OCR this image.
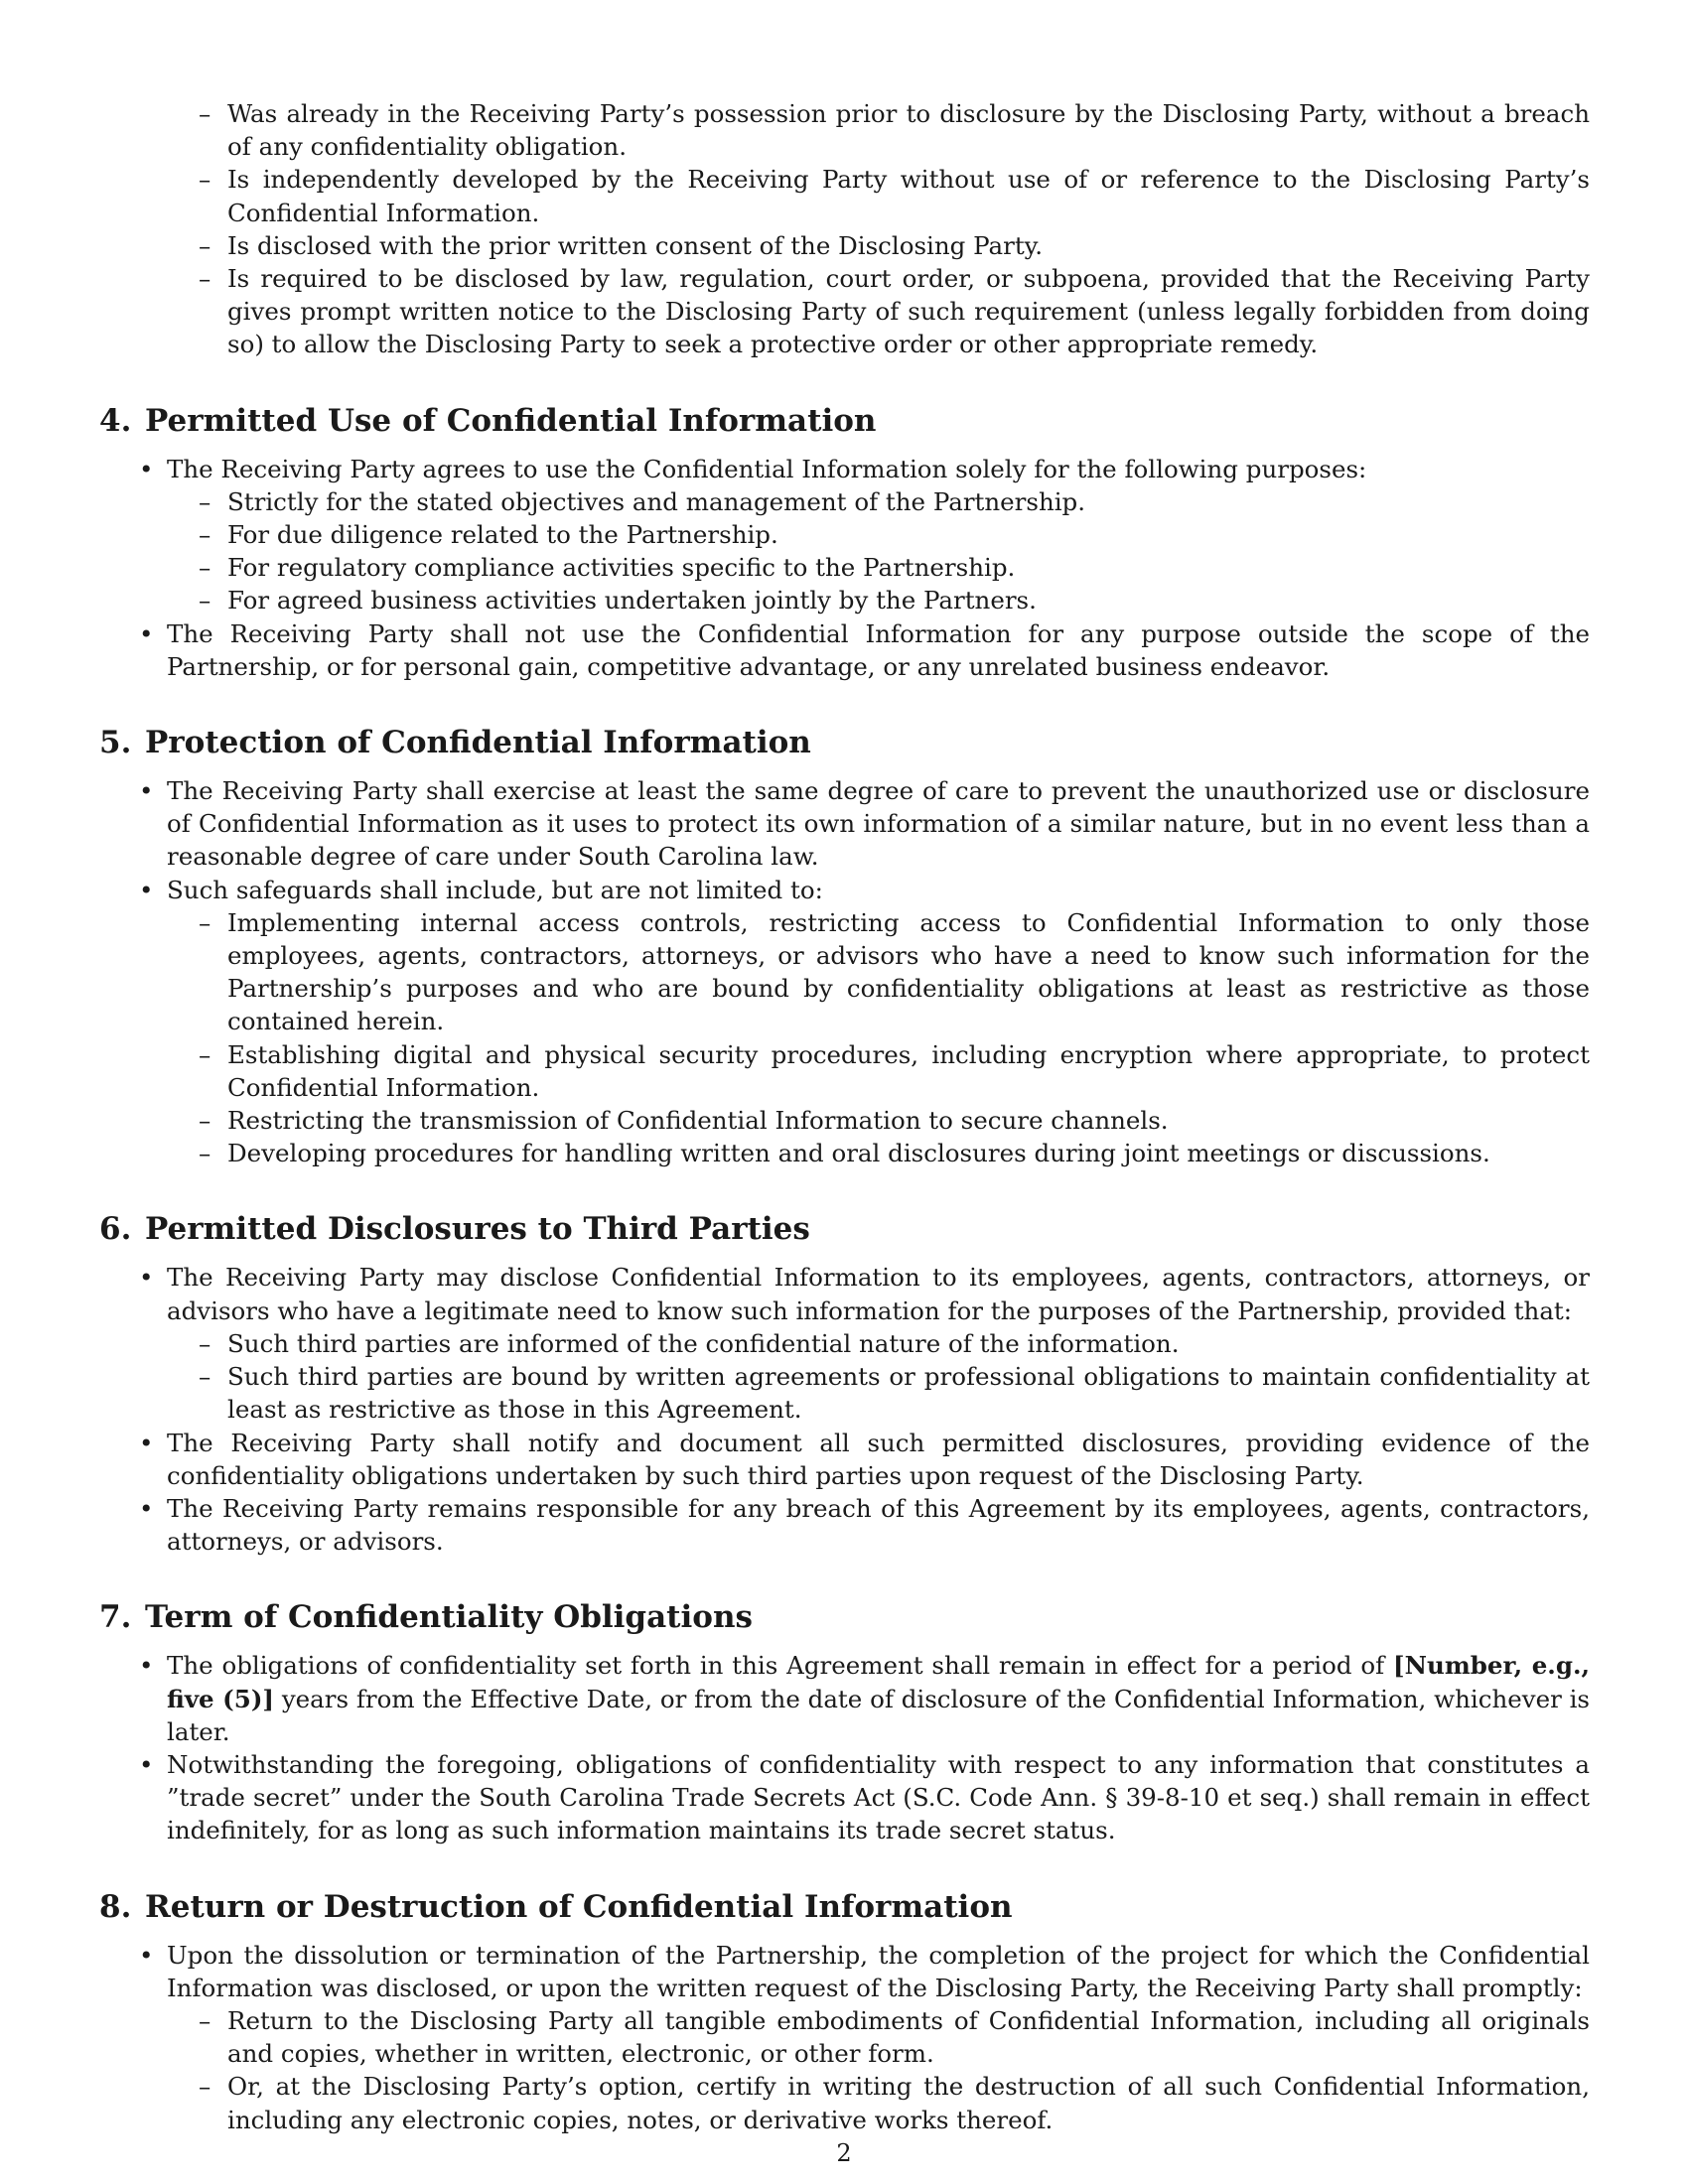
– Was already in the Receiving Party’s possession prior to disclosure by the Disclosing Party, without a breach of any confidentiality obligation.
– Is independently developed by the Receiving Party without use of or reference to the Disclosing Party’s Confidential Information.
– Is disclosed with the prior written consent of the Disclosing Party.
– Is required to be disclosed by law, regulation, court order, or subpoena, provided that the Receiving Party gives prompt written notice to the Disclosing Party of such requirement (unless legally forbidden from doing so) to allow the Disclosing Party to seek a protective order or other appropriate remedy.
4. Permitted Use of Confidential Information
• The Receiving Party agrees to use the Confidential Information solely for the following purposes:
– Strictly for the stated objectives and management of the Partnership.
– For due diligence related to the Partnership.
– For regulatory compliance activities specific to the Partnership.
– For agreed business activities undertaken jointly by the Partners.
• The Receiving Party shall not use the Confidential Information for any purpose outside the scope of the Partnership, or for personal gain, competitive advantage, or any unrelated business endeavor.
5. Protection of Confidential Information
• The Receiving Party shall exercise at least the same degree of care to prevent the unauthorized use or disclosure of Confidential Information as it uses to protect its own information of a similar nature, but in no event less than a reasonable degree of care under South Carolina law.
• Such safeguards shall include, but are not limited to:
– Implementing internal access controls, restricting access to Confidential Information to only those employees, agents, contractors, attorneys, or advisors who have a need to know such information for the Partnership’s purposes and who are bound by confidentiality obligations at least as restrictive as those contained herein.
– Establishing digital and physical security procedures, including encryption where appropriate, to protect Confidential Information.
– Restricting the transmission of Confidential Information to secure channels.
– Developing procedures for handling written and oral disclosures during joint meetings or discussions.
6. Permitted Disclosures to Third Parties
• The Receiving Party may disclose Confidential Information to its employees, agents, contractors, attorneys, or advisors who have a legitimate need to know such information for the purposes of the Partnership, provided that:
– Such third parties are informed of the confidential nature of the information.
– Such third parties are bound by written agreements or professional obligations to maintain confidentiality at least as restrictive as those in this Agreement.
• The Receiving Party shall notify and document all such permitted disclosures, providing evidence of the confidentiality obligations undertaken by such third parties upon request of the Disclosing Party.
• The Receiving Party remains responsible for any breach of this Agreement by its employees, agents, contractors, attorneys, or advisors.
7. Term of Confidentiality Obligations
• The obligations of confidentiality set forth in this Agreement shall remain in effect for a period of [Number, e.g., five (5)] years from the Effective Date, or from the date of disclosure of the Confidential Information, whichever is later.
• Notwithstanding the foregoing, obligations of confidentiality with respect to any information that constitutes a ”trade secret” under the South Carolina Trade Secrets Act (S.C. Code Ann. § 39-8-10 et seq.) shall remain in effect indefinitely, for as long as such information maintains its trade secret status.
8. Return or Destruction of Confidential Information
• Upon the dissolution or termination of the Partnership, the completion of the project for which the Confidential Information was disclosed, or upon the written request of the Disclosing Party, the Receiving Party shall promptly:
– Return to the Disclosing Party all tangible embodiments of Confidential Information, including all originals and copies, whether in written, electronic, or other form.
– Or, at the Disclosing Party’s option, certify in writing the destruction of all such Confidential Information, including any electronic copies, notes, or derivative works thereof.
2
